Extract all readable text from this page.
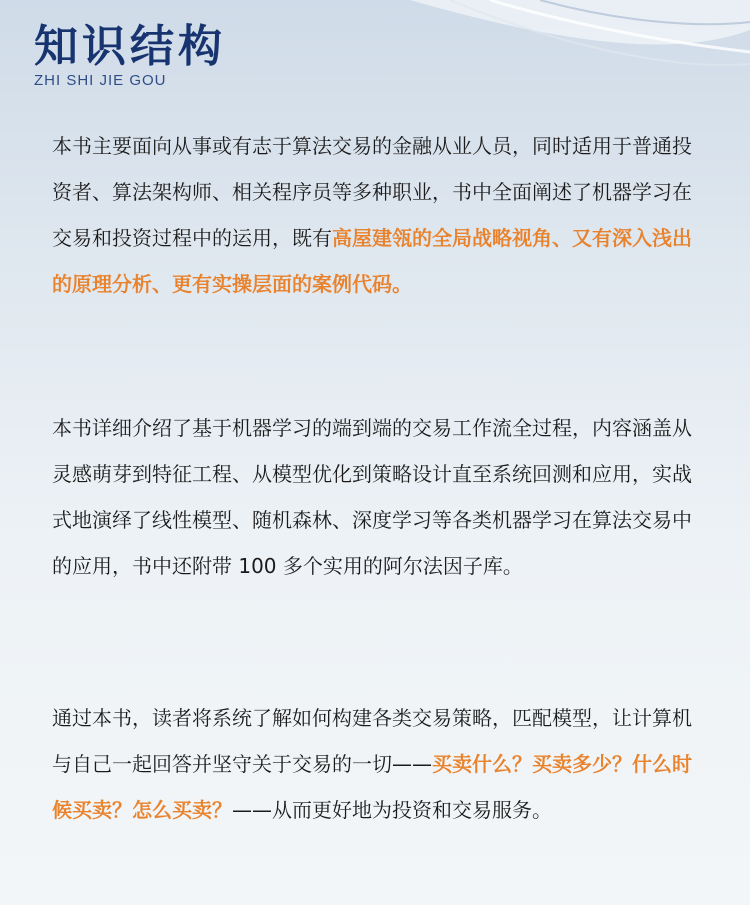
知识结构
ZHI SHI JIE GOU

本书主要面向从事或有志于算法交易的金融从业人员，同时适用于普通投资者、算法架构师、相关程序员等多种职业，书中全面阐述了机器学习在交易和投资过程中的运用，既有高屋建瓴的全局战略视角、又有深入浅出的原理分析、更有实操层面的案例代码。

本书详细介绍了基于机器学习的端到端的交易工作流全过程，内容涵盖从灵感萌芽到特征工程、从模型优化到策略设计直至系统回测和应用，实战式地演绎了线性模型、随机森林、深度学习等各类机器学习在算法交易中的应用，书中还附带 100 多个实用的阿尔法因子库。

通过本书，读者将系统了解如何构建各类交易策略，匹配模型，让计算机与自己一起回答并坚守关于交易的一切——买卖什么？买卖多少？什么时候买卖？怎么买卖？——从而更好地为投资和交易服务。
